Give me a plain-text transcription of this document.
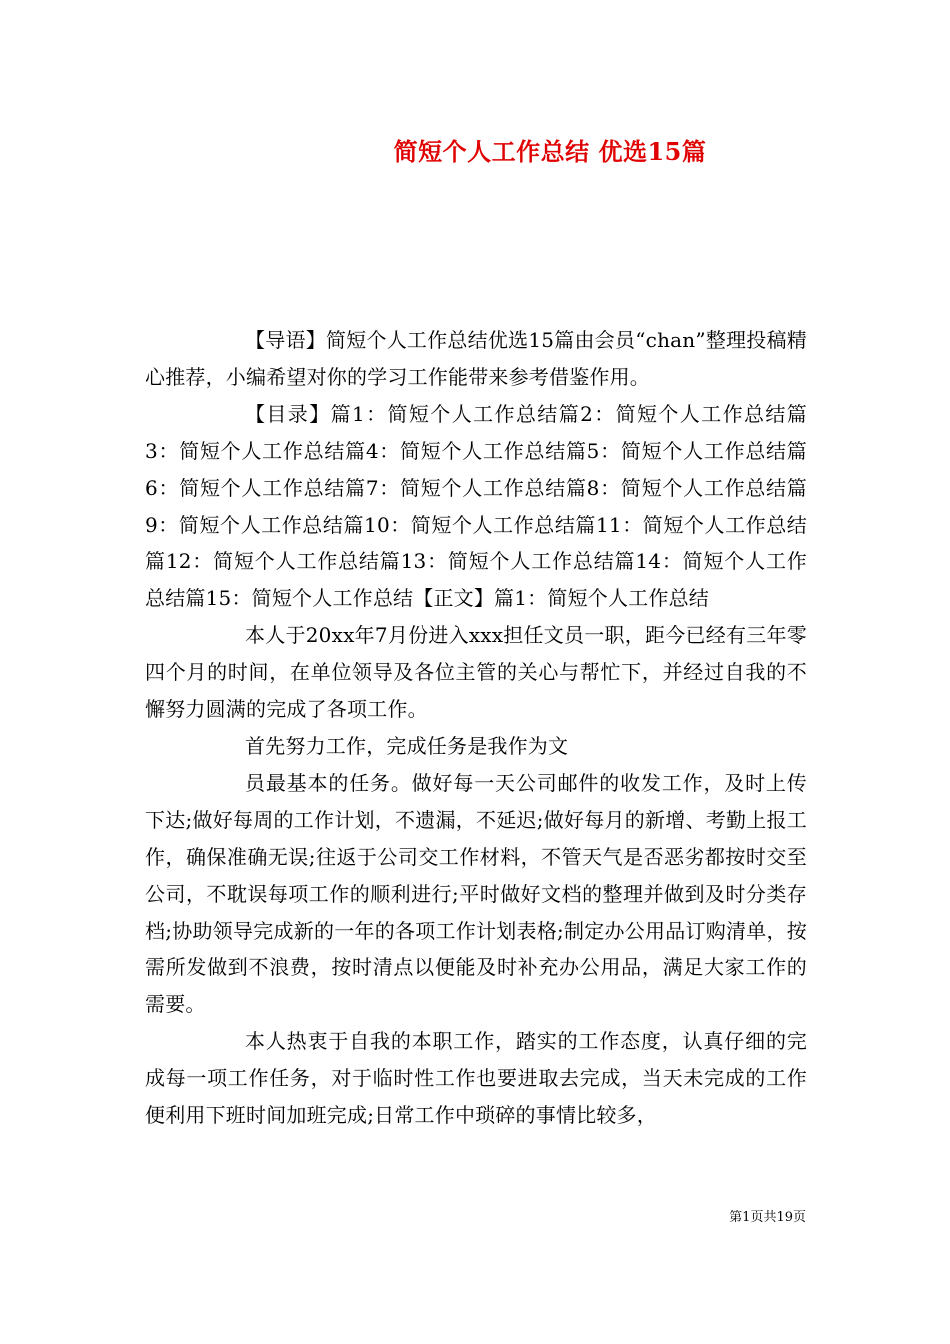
简短个人工作总结 优选15篇

【导语】简短个人工作总结优选15篇由会员“chan”整理投稿精心推荐，小编希望对你的学习工作能带来参考借鉴作用。

【目录】篇1：简短个人工作总结篇2：简短个人工作总结篇3：简短个人工作总结篇4：简短个人工作总结篇5：简短个人工作总结篇6：简短个人工作总结篇7：简短个人工作总结篇8：简短个人工作总结篇9：简短个人工作总结篇10：简短个人工作总结篇11：简短个人工作总结篇12：简短个人工作总结篇13：简短个人工作总结篇14：简短个人工作总结篇15：简短个人工作总结【正文】篇1：简短个人工作总结

本人于20xx年7月份进入xxx担任文员一职，距今已经有三年零四个月的时间，在单位领导及各位主管的关心与帮忙下，并经过自我的不懈努力圆满的完成了各项工作。

首先努力工作，完成任务是我作为文

员最基本的任务。做好每一天公司邮件的收发工作，及时上传下达;做好每周的工作计划，不遗漏，不延迟;做好每月的新增、考勤上报工作，确保准确无误;往返于公司交工作材料，不管天气是否恶劣都按时交至公司，不耽误每项工作的顺利进行;平时做好文档的整理并做到及时分类存档;协助领导完成新的一年的各项工作计划表格;制定办公用品订购清单，按需所发做到不浪费，按时清点以便能及时补充办公用品，满足大家工作的需要。

本人热衷于自我的本职工作，踏实的工作态度，认真仔细的完成每一项工作任务，对于临时性工作也要进取去完成，当天未完成的工作便利用下班时间加班完成;日常工作中琐碎的事情比较多，

第1页共19页
